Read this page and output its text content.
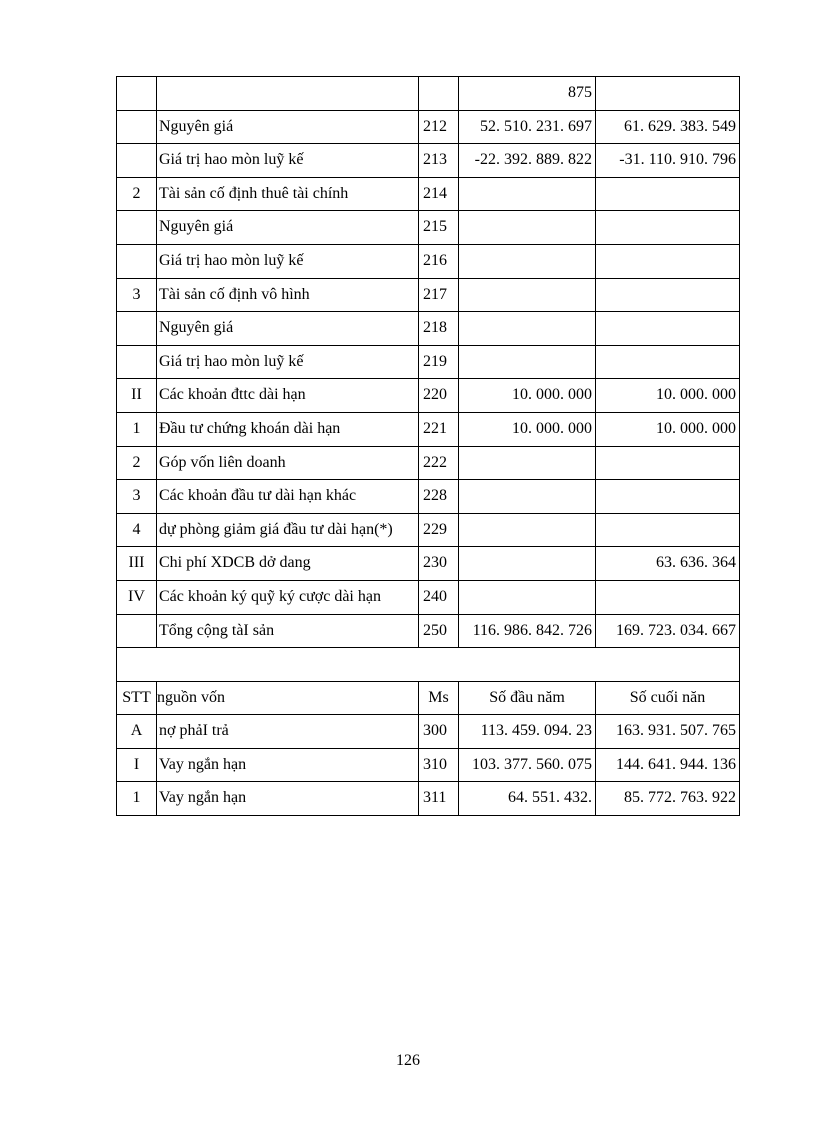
			875	
	Nguyên giá	212	52. 510. 231. 697	61. 629. 383. 549
	Giá trị hao mòn luỹ kế	213	-22. 392. 889. 822	-31. 110. 910. 796
2	Tài sản cố định thuê tài chính	214		
	Nguyên giá	215		
	Giá trị hao mòn luỹ kế	216		
3	Tài sản cố định vô hình	217		
	Nguyên giá	218		
	Giá trị hao mòn luỹ kế	219		
II	Các khoản đttc dài hạn	220	10. 000. 000	10. 000. 000
1	Đầu tư chứng khoán dài hạn	221	10. 000. 000	10. 000. 000
2	Góp vốn liên doanh	222		
3	Các khoản đầu tư dài hạn khác	228		
4	dự phòng giảm giá đầu tư dài hạn(*)	229		
III	Chi phí XDCB dở dang	230		63. 636. 364
IV	Các khoản ký quỹ ký cược dài hạn	240		
	Tổng cộng tàI sản	250	116. 986. 842. 726	169. 723. 034. 667

STT	nguồn vốn	Ms	Số đầu năm	Số cuối năn
A	nợ phảI trả	300	113. 459. 094. 23	163. 931. 507. 765
I	Vay ngắn hạn	310	103. 377. 560. 075	144. 641. 944. 136
1	Vay ngắn hạn	311	64. 551. 432.	85. 772. 763. 922
126
